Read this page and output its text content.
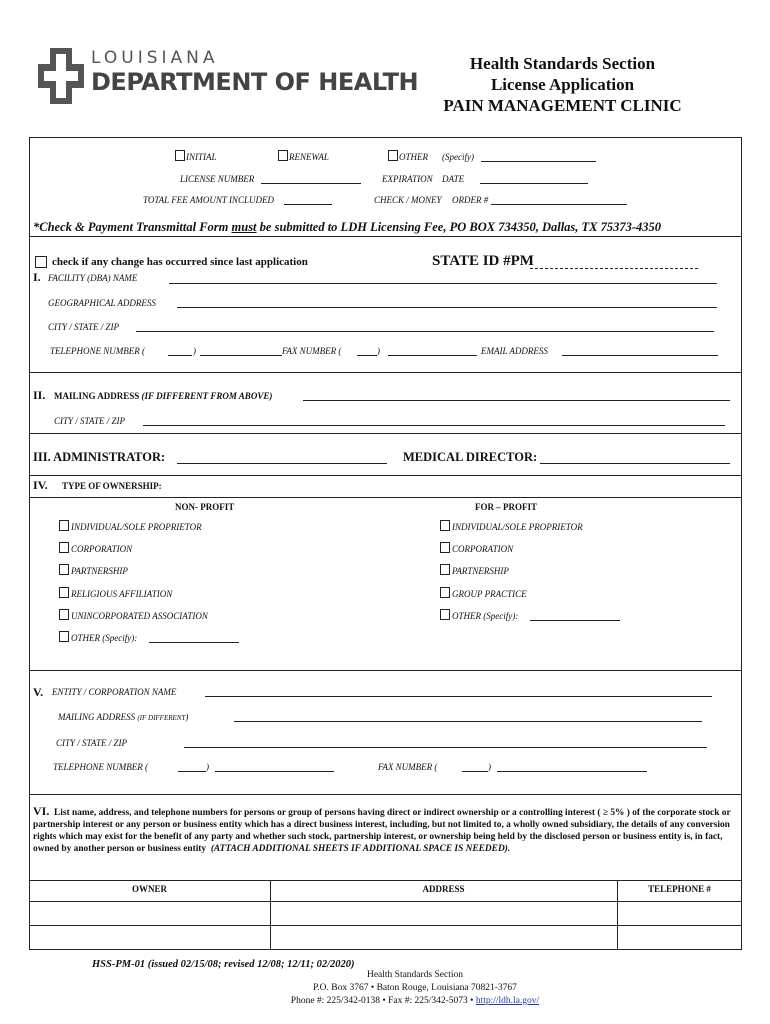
LOUISIANA
DEPARTMENT OF HEALTH
Health Standards Section
License Application
PAIN MANAGEMENT CLINIC
INITIAL	RENEWAL	OTHER (Specify)
LICENSE NUMBER	EXPIRATION DATE
TOTAL FEE AMOUNT INCLUDED	CHECK / MONEY ORDER #
*Check & Payment Transmittal Form must be submitted to LDH Licensing Fee, PO BOX 734350, Dallas, TX 75373-4350
check if any change has occurred since last application	STATE ID #PM
I. FACILITY (DBA) NAME
GEOGRAPHICAL ADDRESS
CITY / STATE / ZIP
TELEPHONE NUMBER (	)	FAX NUMBER (	)	EMAIL ADDRESS
II. MAILING ADDRESS (IF DIFFERENT FROM ABOVE)
CITY / STATE / ZIP
III. ADMINISTRATOR:	MEDICAL DIRECTOR:
IV. TYPE OF OWNERSHIP:
NON- PROFIT	FOR – PROFIT
INDIVIDUAL/SOLE PROPRIETOR
CORPORATION
PARTNERSHIP
RELIGIOUS AFFILIATION
UNINCORPORATED ASSOCIATION
OTHER (Specify):
INDIVIDUAL/SOLE PROPRIETOR
CORPORATION
PARTNERSHIP
GROUP PRACTICE
OTHER (Specify):
V. ENTITY / CORPORATION NAME
MAILING ADDRESS (IF DIFFERENT)
CITY / STATE / ZIP
TELEPHONE NUMBER (	)	FAX NUMBER (	)
VI. List name, address, and telephone numbers for persons or group of persons having direct or indirect ownership or a controlling interest ( ≥ 5% ) of the corporate stock or partnership interest or any person or business entity which has a direct business interest, including, but not limited to, a wholly owned subsidiary, the details of any conversion rights which may exist for the benefit of any party and whether such stock, partnership interest, or ownership being held by the disclosed person or business entity is, in fact, owned by another person or business entity (ATTACH ADDITIONAL SHEETS IF ADDITIONAL SPACE IS NEEDED).
OWNER	ADDRESS	TELEPHONE #
HSS-PM-01 (issued 02/15/08; revised 12/08; 12/11; 02/2020)
Health Standards Section
P.O. Box 3767 • Baton Rouge, Louisiana 70821-3767
Phone #: 225/342-0138 • Fax #: 225/342-5073 • http://ldh.la.gov/
